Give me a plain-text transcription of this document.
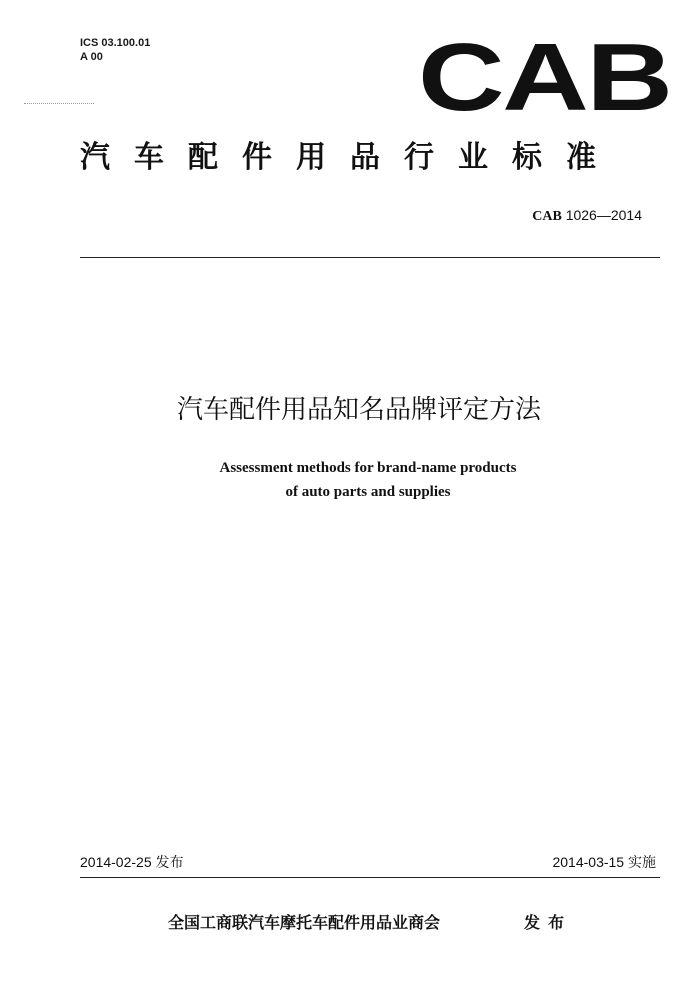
ICS 03.100.01
A 00	CAB
汽车配件用品行业标准
CAB 1026—2014
汽车配件用品知名品牌评定方法
Assessment methods for brand-name products
of auto parts and supplies
2014-02-25 发布	2014-03-15 实施
全国工商联汽车摩托车配件用品业商会	发布
